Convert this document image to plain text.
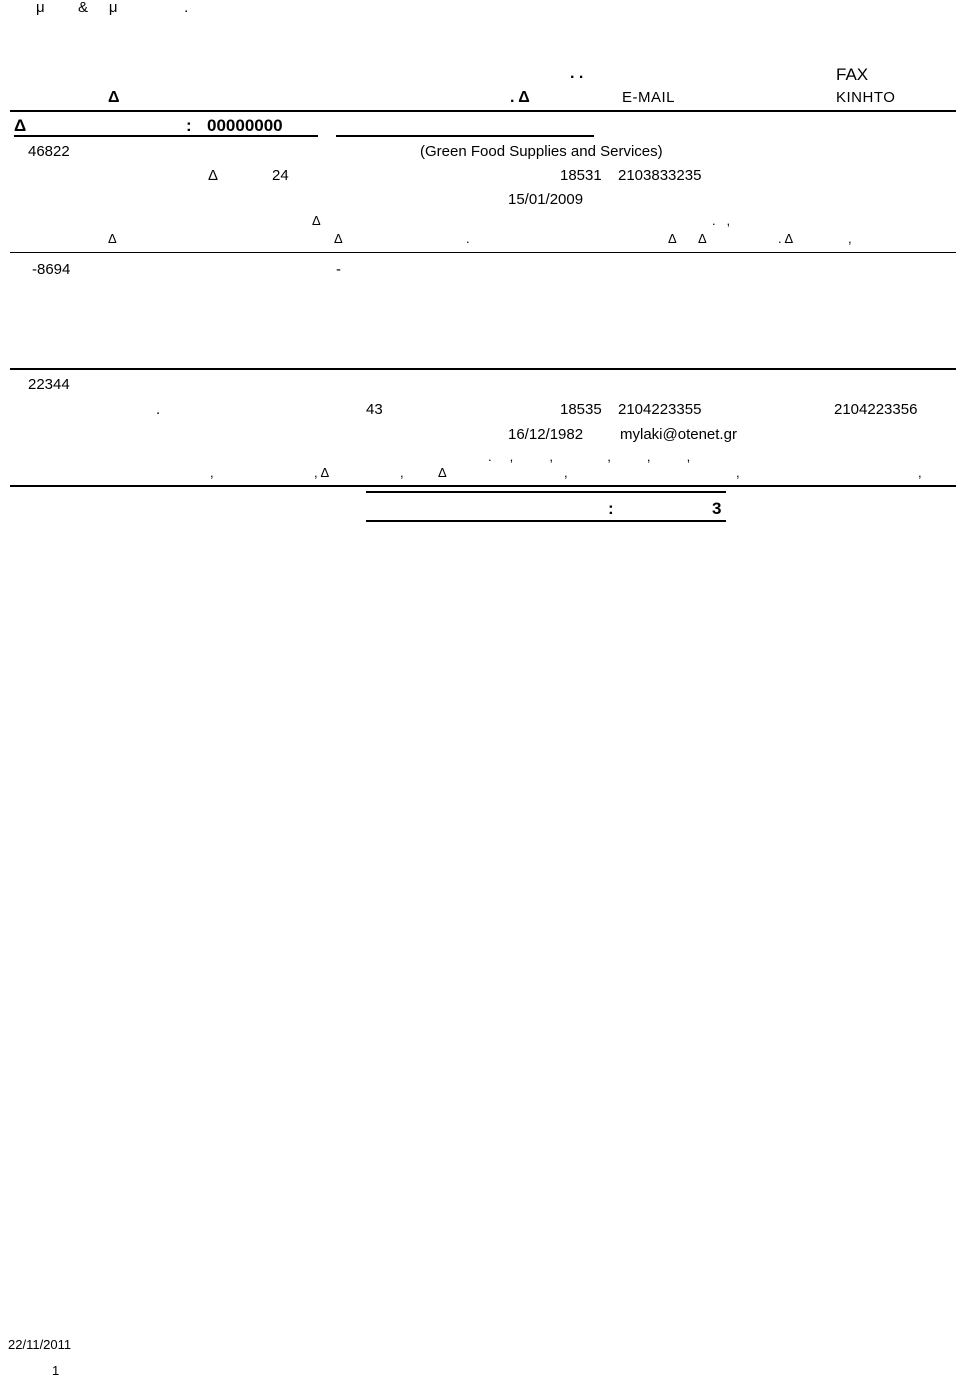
μ        &     μ                .
. .	FAX
Δ	. Δ	E-MAIL	KINHTO
Δ	: 00000000
46822	(Green Food Supplies and Services)
Δ	24	18531 2103833235
15/01/2009
Δ	.   ,
Δ	Δ	.	Δ Δ	. Δ	,
-8694	-
22344
.	43	18535 2104223355	2104223356
16/12/1982 mylaki@otenet.gr
.     ,          ,               ,          ,          ,
,	, Δ	,	Δ	,	,	,
:	3
22/11/2011
1
